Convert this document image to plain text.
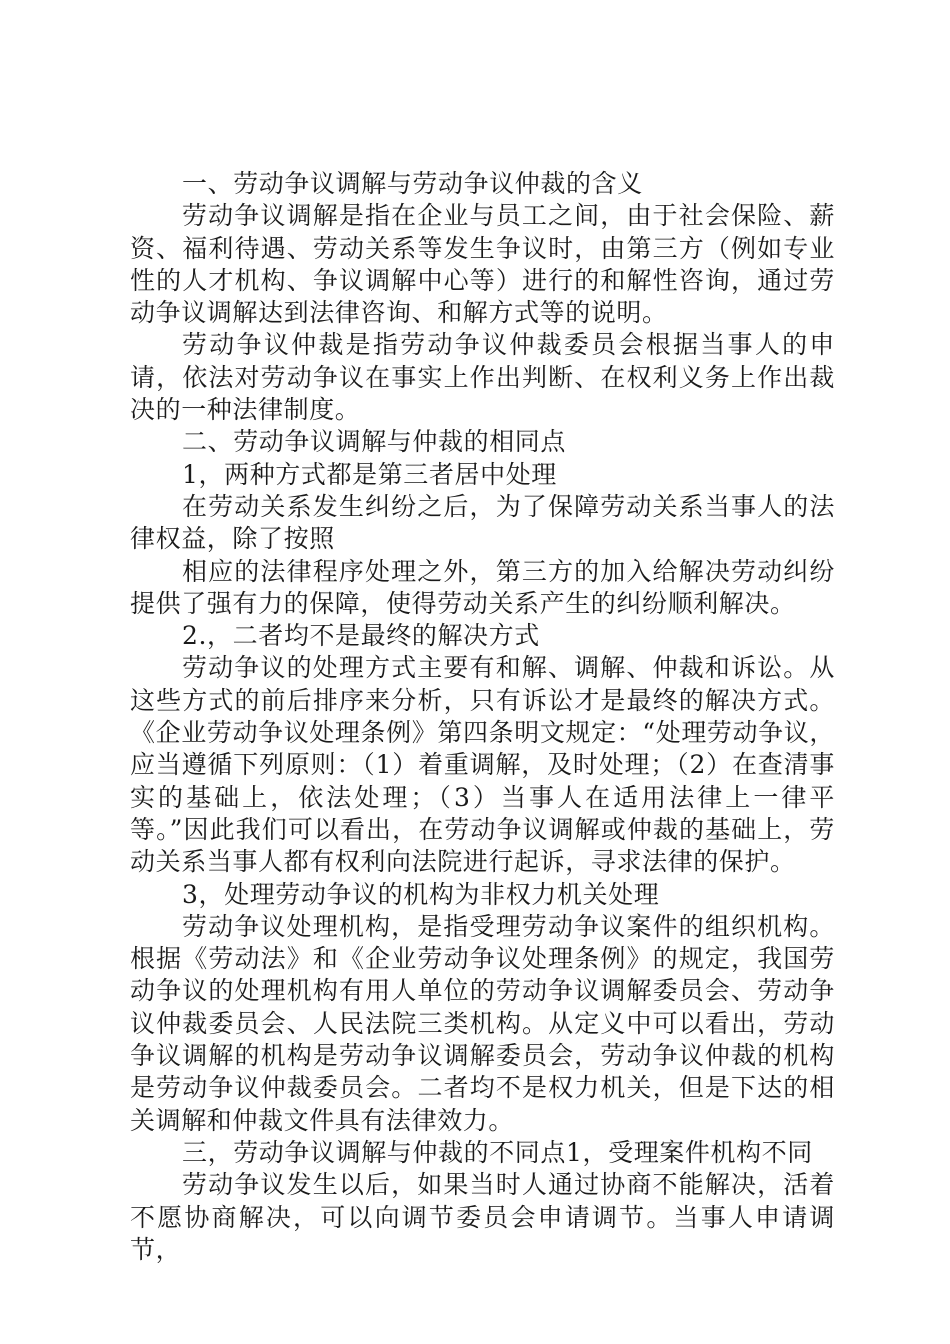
一、劳动争议调解与劳动争议仲裁的含义

劳动争议调解是指在企业与员工之间，由于社会保险、薪资、福利待遇、劳动关系等发生争议时，由第三方（例如专业性的人才机构、争议调解中心等）进行的和解性咨询，通过劳动争议调解达到法律咨询、和解方式等的说明。

劳动争议仲裁是指劳动争议仲裁委员会根据当事人的申请，依法对劳动争议在事实上作出判断、在权利义务上作出裁决的一种法律制度。

二、劳动争议调解与仲裁的相同点

1，两种方式都是第三者居中处理

在劳动关系发生纠纷之后，为了保障劳动关系当事人的法律权益，除了按照

相应的法律程序处理之外，第三方的加入给解决劳动纠纷提供了强有力的保障，使得劳动关系产生的纠纷顺利解决。

2.，二者均不是最终的解决方式

劳动争议的处理方式主要有和解、调解、仲裁和诉讼。从这些方式的前后排序来分析，只有诉讼才是最终的解决方式。《企业劳动争议处理条例》第四条明文规定：“处理劳动争议，应当遵循下列原则：（1）着重调解，及时处理；（2）在查清事实的基础上，依法处理；（3）当事人在适用法律上一律平等。”因此我们可以看出，在劳动争议调解或仲裁的基础上，劳动关系当事人都有权利向法院进行起诉，寻求法律的保护。

3，处理劳动争议的机构为非权力机关处理

劳动争议处理机构，是指受理劳动争议案件的组织机构。根据《劳动法》和《企业劳动争议处理条例》的规定，我国劳动争议的处理机构有用人单位的劳动争议调解委员会、劳动争议仲裁委员会、人民法院三类机构。从定义中可以看出，劳动争议调解的机构是劳动争议调解委员会，劳动争议仲裁的机构是劳动争议仲裁委员会。二者均不是权力机关，但是下达的相关调解和仲裁文件具有法律效力。

三，劳动争议调解与仲裁的不同点1，受理案件机构不同

劳动争议发生以后，如果当时人通过协商不能解决，活着不愿协商解决，可以向调节委员会申请调节。当事人申请调节，
